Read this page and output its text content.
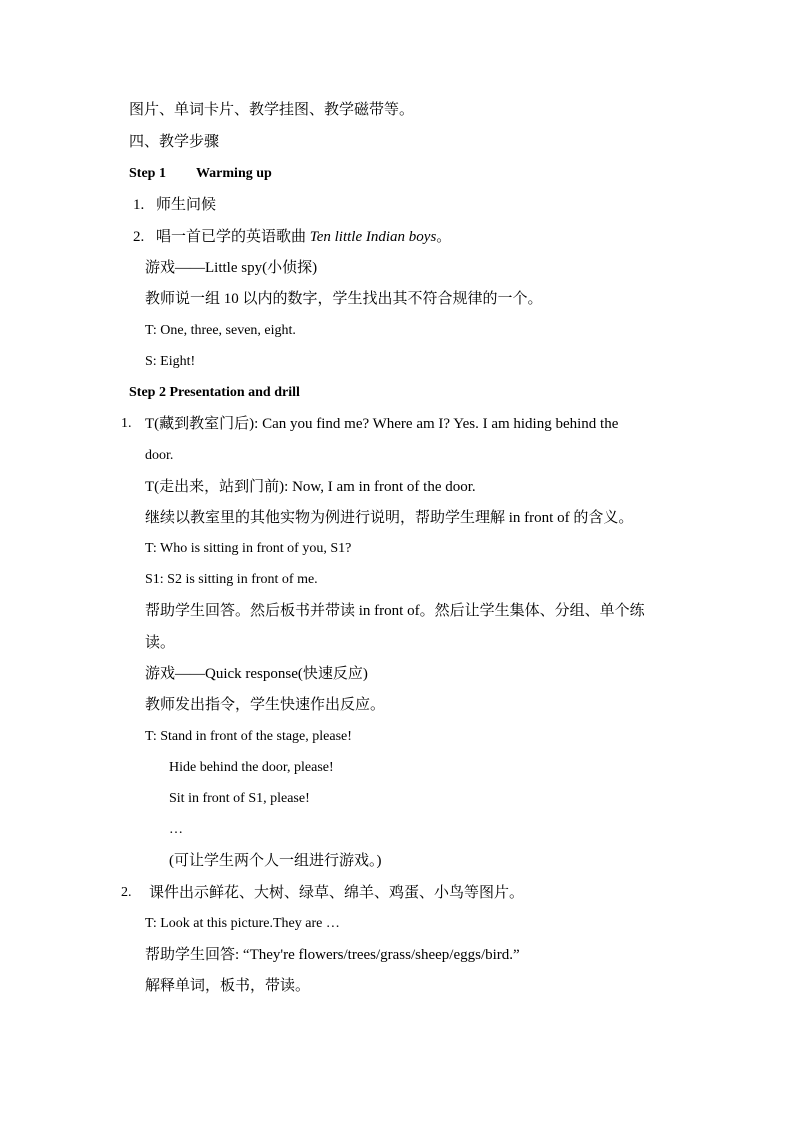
图片、单词卡片、教学挂图、教学磁带等。
四、教学步骤
Step 1 Warming up
1. 师生问候
2. 唱一首已学的英语歌曲 Ten little Indian boys。
游戏——Little spy(小侦探)
教师说一组 10 以内的数字，学生找出其不符合规律的一个。
T: One, three, seven, eight.
S: Eight!
Step 2 Presentation and drill
1. T(藏到教室门后): Can you find me? Where am I? Yes. I am hiding behind the
door.
T(走出来，站到门前): Now, I am in front of the door.
继续以教室里的其他实物为例进行说明，帮助学生理解 in front of 的含义。
T: Who is sitting in front of you, S1?
S1: S2 is sitting in front of me.
帮助学生回答。然后板书并带读 in front of。然后让学生集体、分组、单个练
读。
游戏——Quick response(快速反应)
教师发出指令，学生快速作出反应。
T: Stand in front of the stage, please!
Hide behind the door, please!
Sit in front of S1, please!
…
(可让学生两个人一组进行游戏。)
2. 课件出示鲜花、大树、绿草、绵羊、鸡蛋、小鸟等图片。
T: Look at this picture.They are …
帮助学生回答: “They're flowers/trees/grass/sheep/eggs/bird.”
解释单词，板书，带读。
